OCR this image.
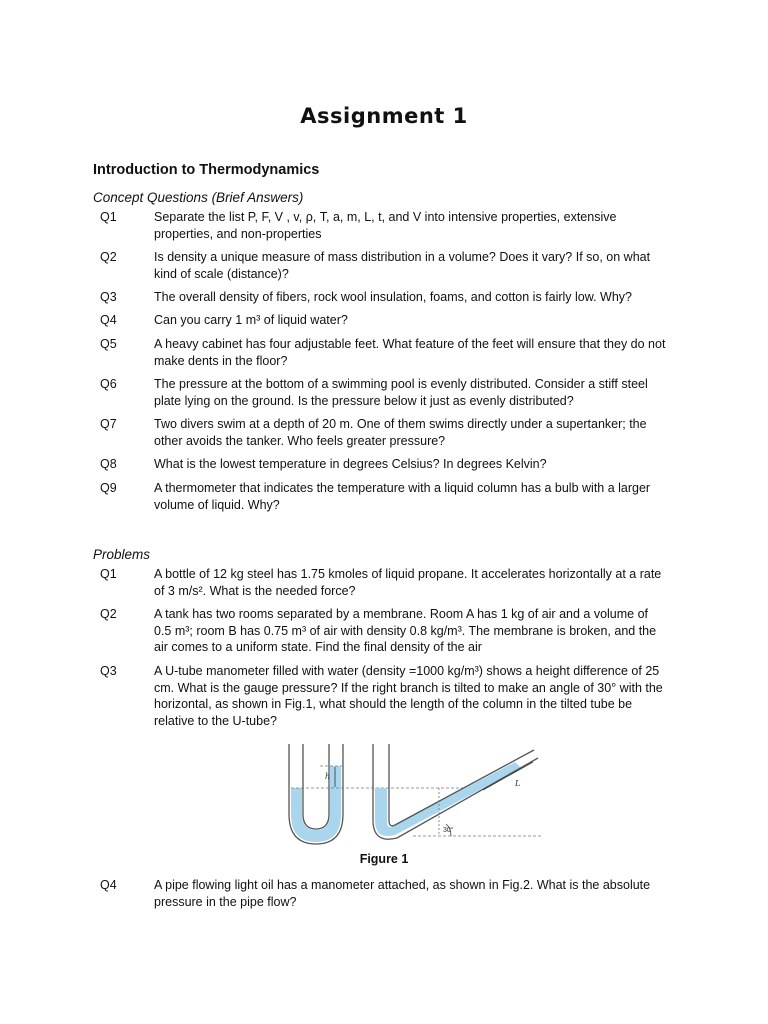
Assignment 1
Introduction to Thermodynamics
Concept Questions (Brief Answers)
Q1	Separate the list P, F, V , v, ρ, T, a, m, L, t, and V into intensive properties, extensive properties, and non-properties
Q2	Is density a unique measure of mass distribution in a volume? Does it vary? If so, on what kind of scale (distance)?
Q3	The overall density of fibers, rock wool insulation, foams, and cotton is fairly low. Why?
Q4	Can you carry 1 m³ of liquid water?
Q5	A heavy cabinet has four adjustable feet. What feature of the feet will ensure that they do not make dents in the floor?
Q6	The pressure at the bottom of a swimming pool is evenly distributed. Consider a stiff steel plate lying on the ground. Is the pressure below it just as evenly distributed?
Q7	Two divers swim at a depth of 20 m. One of them swims directly under a supertanker; the other avoids the tanker. Who feels greater pressure?
Q8	What is the lowest temperature in degrees Celsius? In degrees Kelvin?
Q9	A thermometer that indicates the temperature with a liquid column has a bulb with a larger volume of liquid. Why?
Problems
Q1	A bottle of 12 kg steel has 1.75 kmoles of liquid propane. It accelerates horizontally at a rate of 3 m/s². What is the needed force?
Q2	A tank has two rooms separated by a membrane. Room A has 1 kg of air and a volume of 0.5 m³; room B has 0.75 m³ of air with density 0.8 kg/m³. The membrane is broken, and the air comes to a uniform state. Find the final density of the air
Q3	A U-tube manometer filled with water (density =1000 kg/m³) shows a height difference of 25 cm. What is the gauge pressure? If the right branch is tilted to make an angle of 30° with the horizontal, as shown in Fig.1, what should the length of the column in the tilted tube be relative to the U-tube?
h
L
30°
Figure 1
Q4	A pipe flowing light oil has a manometer attached, as shown in Fig.2. What is the absolute pressure in the pipe flow?
